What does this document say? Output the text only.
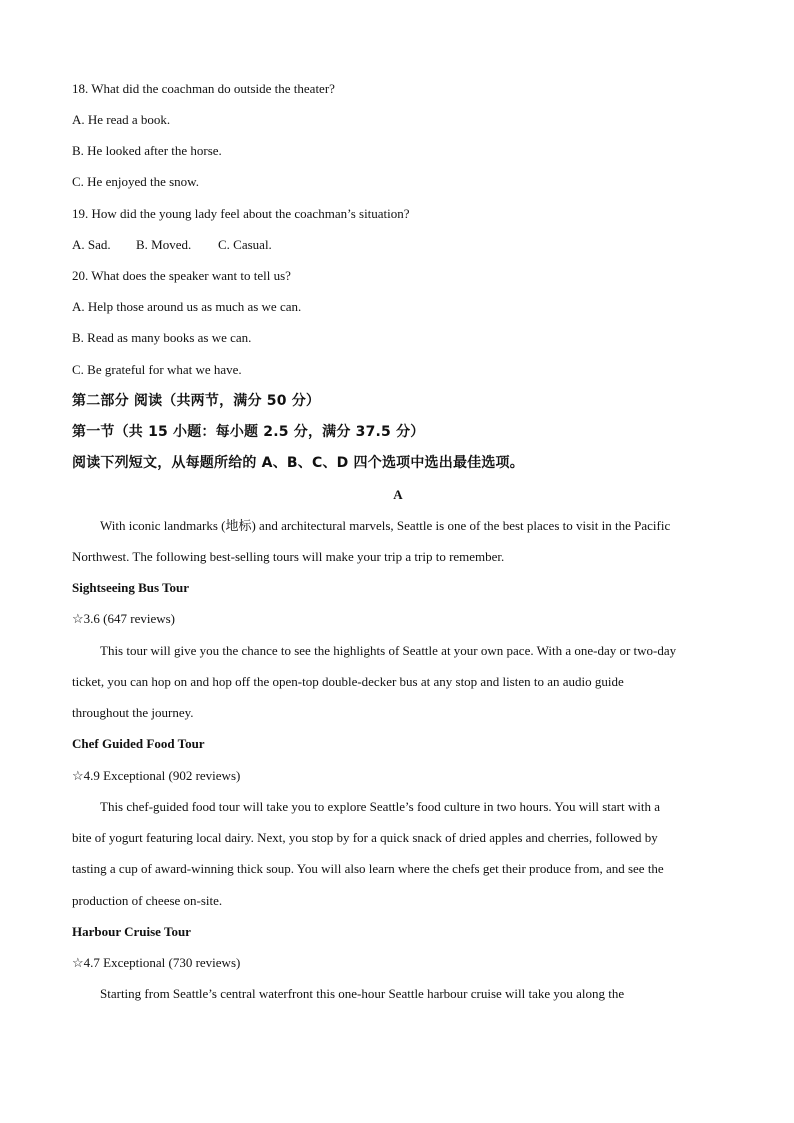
18. What did the coachman do outside the theater?
A. He read a book.
B. He looked after the horse.
C. He enjoyed the snow.
19. How did the young lady feel about the coachman’s situation?
A. Sad. B. Moved. C. Casual.
20. What does the speaker want to tell us?
A. Help those around us as much as we can.
B. Read as many books as we can.
C. Be grateful for what we have.
第二部分 阅读（共两节，满分 50 分）
第一节（共 15 小题：每小题 2.5 分，满分 37.5 分）
阅读下列短文，从每题所给的 A、B、C、D 四个选项中选出最佳选项。
A
With iconic landmarks (地标) and architectural marvels, Seattle is one of the best places to visit in the Pacific
Northwest. The following best-selling tours will make your trip a trip to remember.
Sightseeing Bus Tour
☆3.6 (647 reviews)
This tour will give you the chance to see the highlights of Seattle at your own pace. With a one-day or two-day
ticket, you can hop on and hop off the open-top double-decker bus at any stop and listen to an audio guide
throughout the journey.
Chef Guided Food Tour
☆4.9 Exceptional (902 reviews)
This chef-guided food tour will take you to explore Seattle’s food culture in two hours. You will start with a
bite of yogurt featuring local dairy. Next, you stop by for a quick snack of dried apples and cherries, followed by
tasting a cup of award-winning thick soup. You will also learn where the chefs get their produce from, and see the
production of cheese on-site.
Harbour Cruise Tour
☆4.7 Exceptional (730 reviews)
Starting from Seattle’s central waterfront this one-hour Seattle harbour cruise will take you along the
